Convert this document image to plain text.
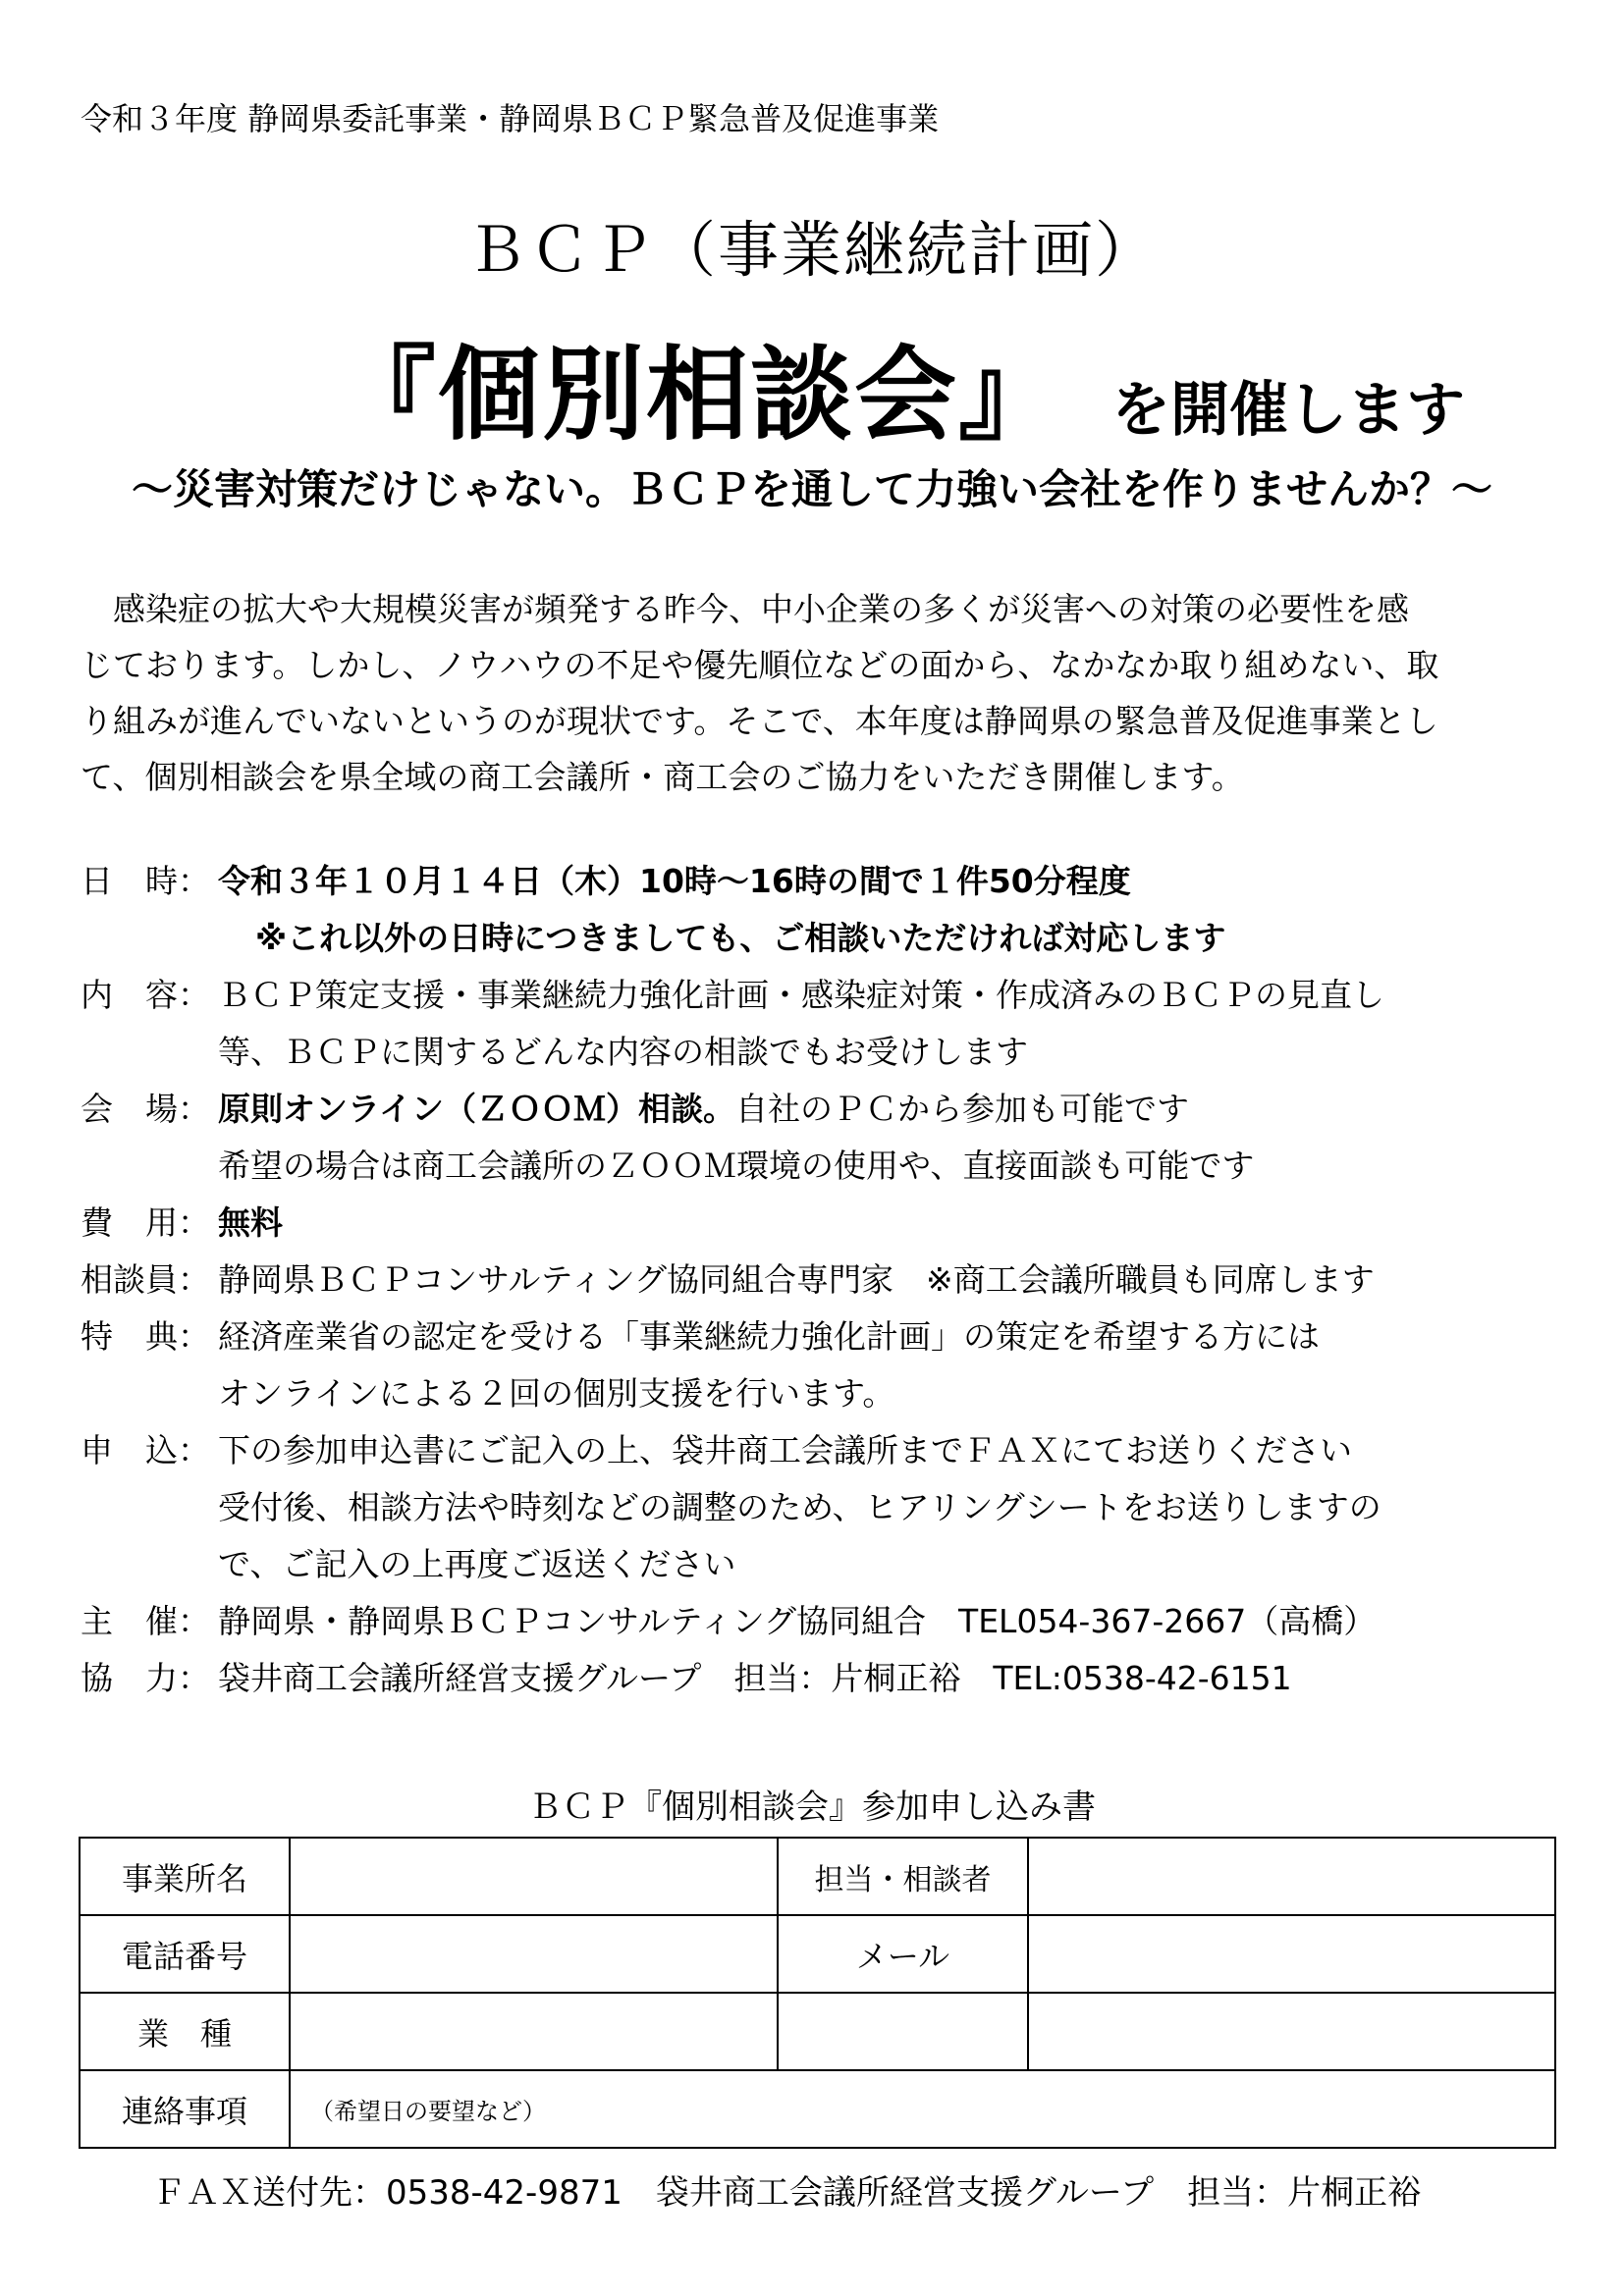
令和３年度 静岡県委託事業・静岡県ＢＣＰ緊急普及促進事業
ＢＣＰ（事業継続計画）
『個別相談会』 を開催します
～災害対策だけじゃない。ＢＣＰを通して力強い会社を作りませんか？～
　感染症の拡大や大規模災害が頻発する昨今、中小企業の多くが災害への対策の必要性を感
じております。しかし、ノウハウの不足や優先順位などの面から、なかなか取り組めない、取
り組みが進んでいないというのが現状です。そこで、本年度は静岡県の緊急普及促進事業とし
て、個別相談会を県全域の商工会議所・商工会のご協力をいただき開催します。
日　時： 令和３年１０月１４日（木）10時～16時の間で１件50分程度
※これ以外の日時につきましても、ご相談いただければ対応します
内　容： ＢＣＰ策定支援・事業継続力強化計画・感染症対策・作成済みのＢＣＰの見直し
等、ＢＣＰに関するどんな内容の相談でもお受けします
会　場： 原則オンライン（ＺＯＯＭ）相談。自社のＰＣから参加も可能です
希望の場合は商工会議所のＺＯＯＭ環境の使用や、直接面談も可能です
費　用： 無料
相談員： 静岡県ＢＣＰコンサルティング協同組合専門家　※商工会議所職員も同席します
特　典： 経済産業省の認定を受ける「事業継続力強化計画」の策定を希望する方には
オンラインによる２回の個別支援を行います。
申　込： 下の参加申込書にご記入の上、袋井商工会議所までＦＡＸにてお送りください
受付後、相談方法や時刻などの調整のため、ヒアリングシートをお送りしますの
で、ご記入の上再度ご返送ください
主　催： 静岡県・静岡県ＢＣＰコンサルティング協同組合　TEL054-367-2667（高橋）
協　力： 袋井商工会議所経営支援グループ　担当：片桐正裕　TEL:0538-42-6151
ＢＣＰ『個別相談会』参加申し込み書
事業所名		担当・相談者	
電話番号		メール	
業　種			
連絡事項	（希望日の要望など）		
ＦＡＸ送付先：0538-42-9871　袋井商工会議所経営支援グループ　担当：片桐正裕
